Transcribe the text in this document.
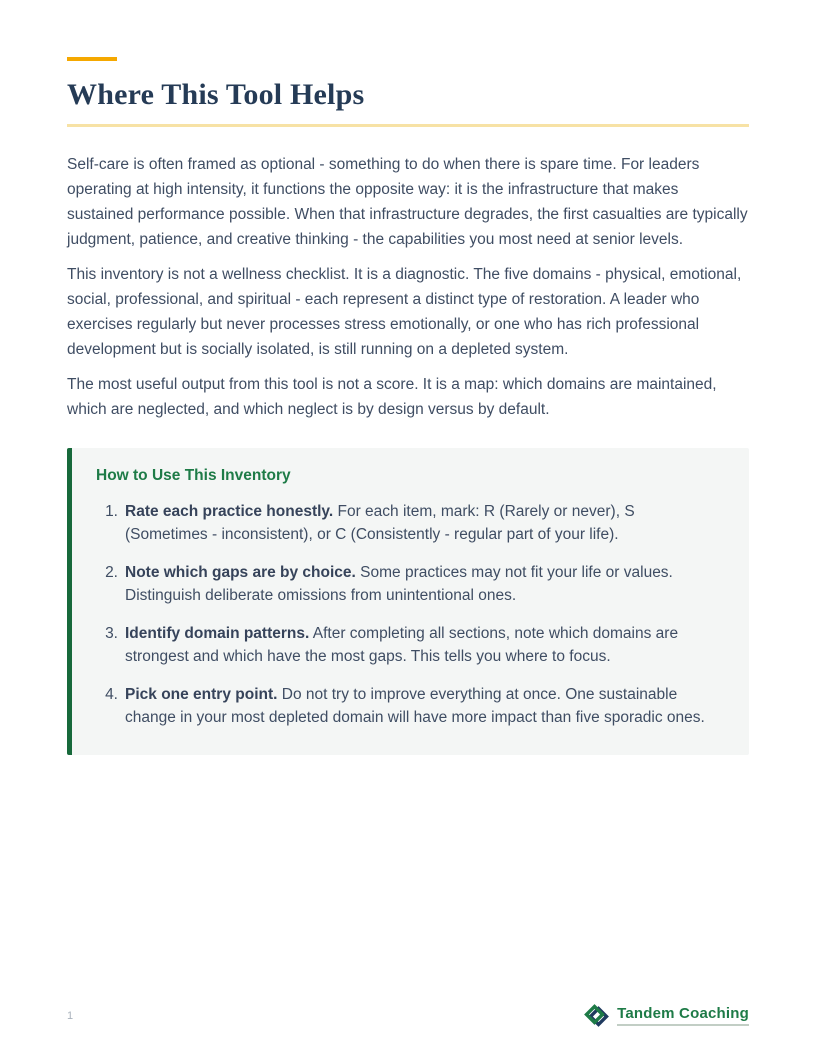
Where This Tool Helps

Self-care is often framed as optional - something to do when there is spare time. For leaders operating at high intensity, it functions the opposite way: it is the infrastructure that makes sustained performance possible. When that infrastructure degrades, the first casualties are typically judgment, patience, and creative thinking - the capabilities you most need at senior levels.

This inventory is not a wellness checklist. It is a diagnostic. The five domains - physical, emotional, social, professional, and spiritual - each represent a distinct type of restoration. A leader who exercises regularly but never processes stress emotionally, or one who has rich professional development but is socially isolated, is still running on a depleted system.

The most useful output from this tool is not a score. It is a map: which domains are maintained, which are neglected, and which neglect is by design versus by default.

How to Use This Inventory
1. Rate each practice honestly. For each item, mark: R (Rarely or never), S (Sometimes - inconsistent), or C (Consistently - regular part of your life).
2. Note which gaps are by choice. Some practices may not fit your life or values. Distinguish deliberate omissions from unintentional ones.
3. Identify domain patterns. After completing all sections, note which domains are strongest and which have the most gaps. This tells you where to focus.
4. Pick one entry point. Do not try to improve everything at once. One sustainable change in your most depleted domain will have more impact than five sporadic ones.
1	Tandem Coaching
